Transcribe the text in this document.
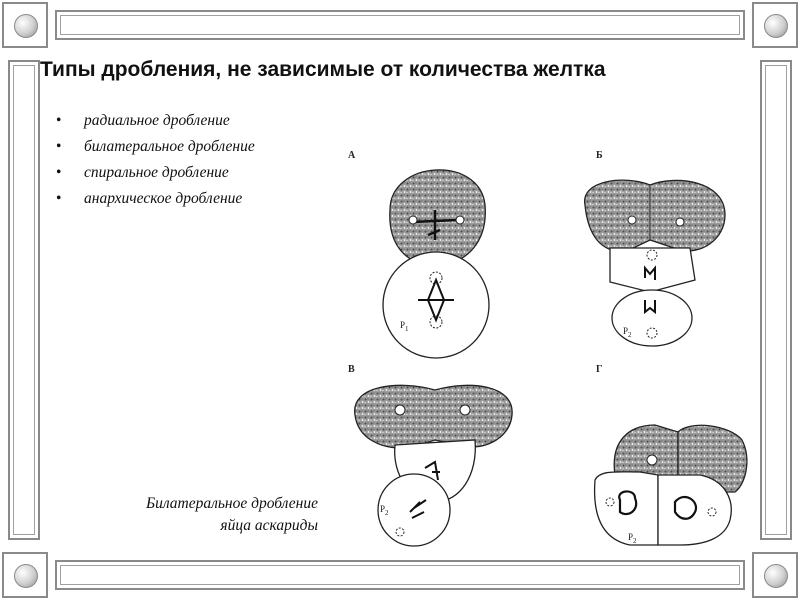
Типы дробления, не зависимые от количества желтка
• радиальное дробление
• билатеральное дробление
• спиральное дробление
• анархическое дробление
Билатеральное дробление
яйца аскариды
А
$P_1$
Б
$P_2$
В
$P_2$
Г
$P_2$
